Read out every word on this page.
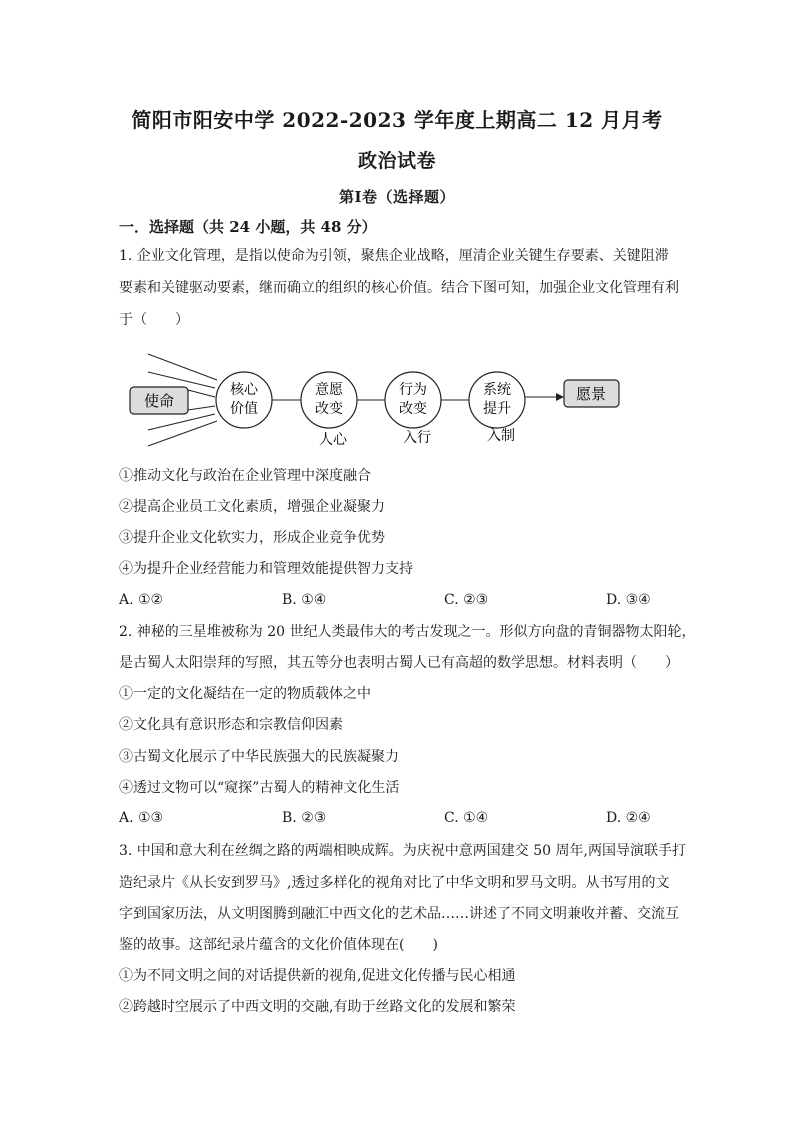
简阳市阳安中学 2022-2023 学年度上期高二 12 月月考
政治试卷
第Ⅰ卷（选择题）
一．选择题（共 24 小题，共 48 分）
1. 企业文化管理，是指以使命为引领，聚焦企业战略，厘清企业关键生存要素、关键阻滞
要素和关键驱动要素，继而确立的组织的核心价值。结合下图可知，加强企业文化管理有利
于（　　）
使命
核心
价值
意愿
改变
人心
行为
改变
入行
系统
提升
入制
愿景
①推动文化与政治在企业管理中深度融合
②提高企业员工文化素质，增强企业凝聚力
③提升企业文化软实力，形成企业竞争优势
④为提升企业经营能力和管理效能提供智力支持
A. ①②	B. ①④	C. ②③	D. ③④
2. 神秘的三星堆被称为 20 世纪人类最伟大的考古发现之一。形似方向盘的青铜器物太阳轮，
是古蜀人太阳崇拜的写照，其五等分也表明古蜀人已有高超的数学思想。材料表明（　　）
①一定的文化凝结在一定的物质载体之中
②文化具有意识形态和宗教信仰因素
③古蜀文化展示了中华民族强大的民族凝聚力
④透过文物可以“窥探”古蜀人的精神文化生活
A. ①③	B. ②③	C. ①④	D. ②④
3. 中国和意大利在丝绸之路的两端相映成辉。为庆祝中意两国建交 50 周年,两国导演联手打
造纪录片《从长安到罗马》,透过多样化的视角对比了中华文明和罗马文明。从书写用的文
字到国家历法，从文明图腾到融汇中西文化的艺术品……讲述了不同文明兼收并蓄、交流互
鉴的故事。这部纪录片蕴含的文化价值体现在(　　)
①为不同文明之间的对话提供新的视角,促进文化传播与民心相通
②跨越时空展示了中西文明的交融,有助于丝路文化的发展和繁荣
